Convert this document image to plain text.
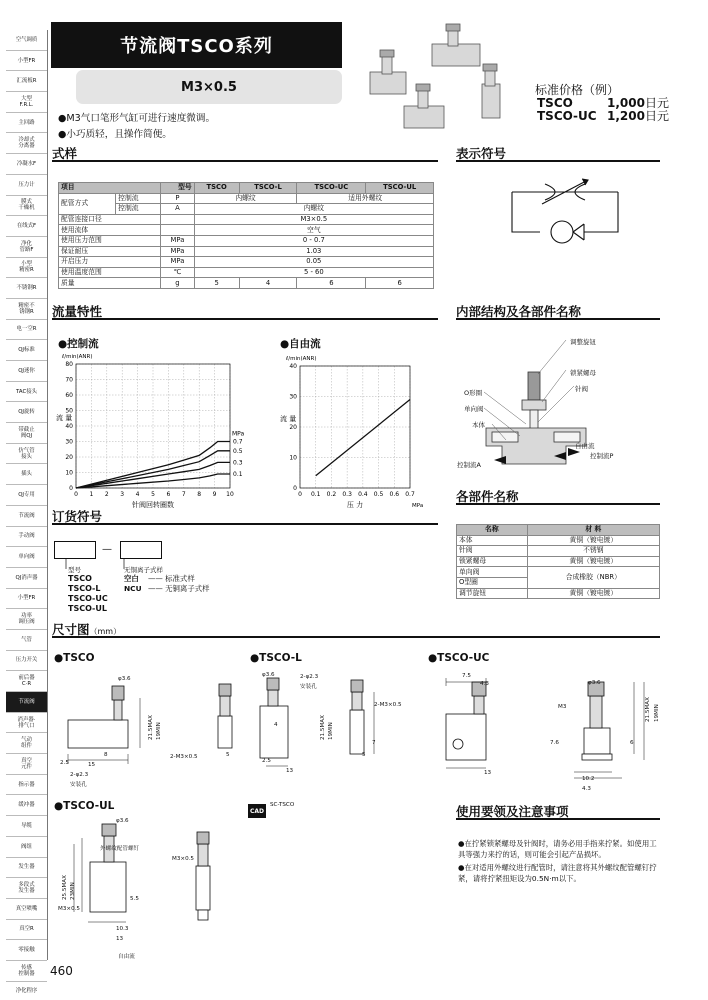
空气调质
小型FR
汇流板R
大型
F.R.L.
主回路
冷却式
分离器
冷凝水F
压力计
膜式
干燥机
在线式F
净化
管路F
小型
精密R
不锈钢R
精密不
锈钢R
电一空R
QJ标准
QJ迷你
TAC接头
QJ旋转
带截止
阀QJ
仿气管
接头
插头
QJ专用
节流阀
手动阀
单向阀
QJ消声器
小型FR
功率
调压阀
气管
压力开关
前后器
C·R
节流阀
消声器·
排气口
气动
组件
真空
元件
指示器
缓冲器
导缆
阀组
发生器
多段式
发生器
真空喷嘴
真空R
零接触
传感
控制器
净化程序
460
节流阀TSCO系列
M3×0.5
●M3气口笔形气缸可进行速度微调。
●小巧质轻，且操作简便。
标准价格（例）
TSCO	1,000 日元
TSCO-UC 1,200 日元
式样	表示符号
流量特性	内部结构及各部件名称
各部件名称
订货符号
尺寸图（mm）
使用要领及注意事项
项目		型号	TSCO	TSCO-L	TSCO-UC	TSCO-UL
配管方式	控制流	P	内螺纹		适用外螺纹	
	控制流	A	内螺纹			
配管连接口径			M3×0.5			
使用流体			空气			
使用压力范围		MPa	0 - 0.7			
保证耐压		MPa	1.03			
开启压力		MPa	0.05			
使用温度范围		℃	5 - 60			
质量		g	5	4	6	6
●控制流	●自由流
0 1 2 3 4 5 6 7 8 9 10
0
10
20
30
40
50
60
70
80
0.7
0.5
0.3
0.1
ℓ/min(ANR)
流 量
针阀回转圈数
MPa
0 0.1 0.2 0.3 0.4 0.5 0.6 0.7
0
10
20
30
40
ℓ/min(ANR)
流 量
压 力	MPa
调整旋钮
锁紧螺母
针阀
O形圈
单向阀
本体
控制流A
自由流
控制流P
名称	材 料
本体	黄铜（镀电镀）
针阀	不锈钢
锁紧螺母	黄铜（镀电镀）
单向阀	合成橡胶（NBR）
O型圈	
调节旋钮	黄铜（镀电镀）
—
型号
TSCO
TSCO-L
TSCO-UC
TSCO-UL
无铜离子式样
空白 —— 标准式样
NCU —— 无铜离子式样
●TSCO	●TSCO-L	●TSCO-UC
●TSCO-UL
φ3.6
21.5MAX 19MIN
2.5
8
15
2-φ2.3
安装孔
2-M3×0.5	5
φ3.6	2-φ2.3
安装孔
21.5MAX 19MIN
4
2.5
13
2-M3×0.5
7
5
7.5
4.3	φ3.6
21.5MAX 19MIN
M3
6
7.6
13
10.2
4.3
φ3.6
外螺纹配管螺钉
25.5MAX 23MIN
M3×0.5
10.3
13
自由流
M3×0.5
5.5
CAD
SC-TSCO
●在拧紧锁紧螺母及针阀时，请务必用手指来拧紧。如使用工具等强力来拧的话，则可能会引起产品损坏。
●在对适用外螺纹进行配管时，请注意将其外螺纹配管螺钉拧紧，请将拧紧扭矩设为0.5N·m以下。
